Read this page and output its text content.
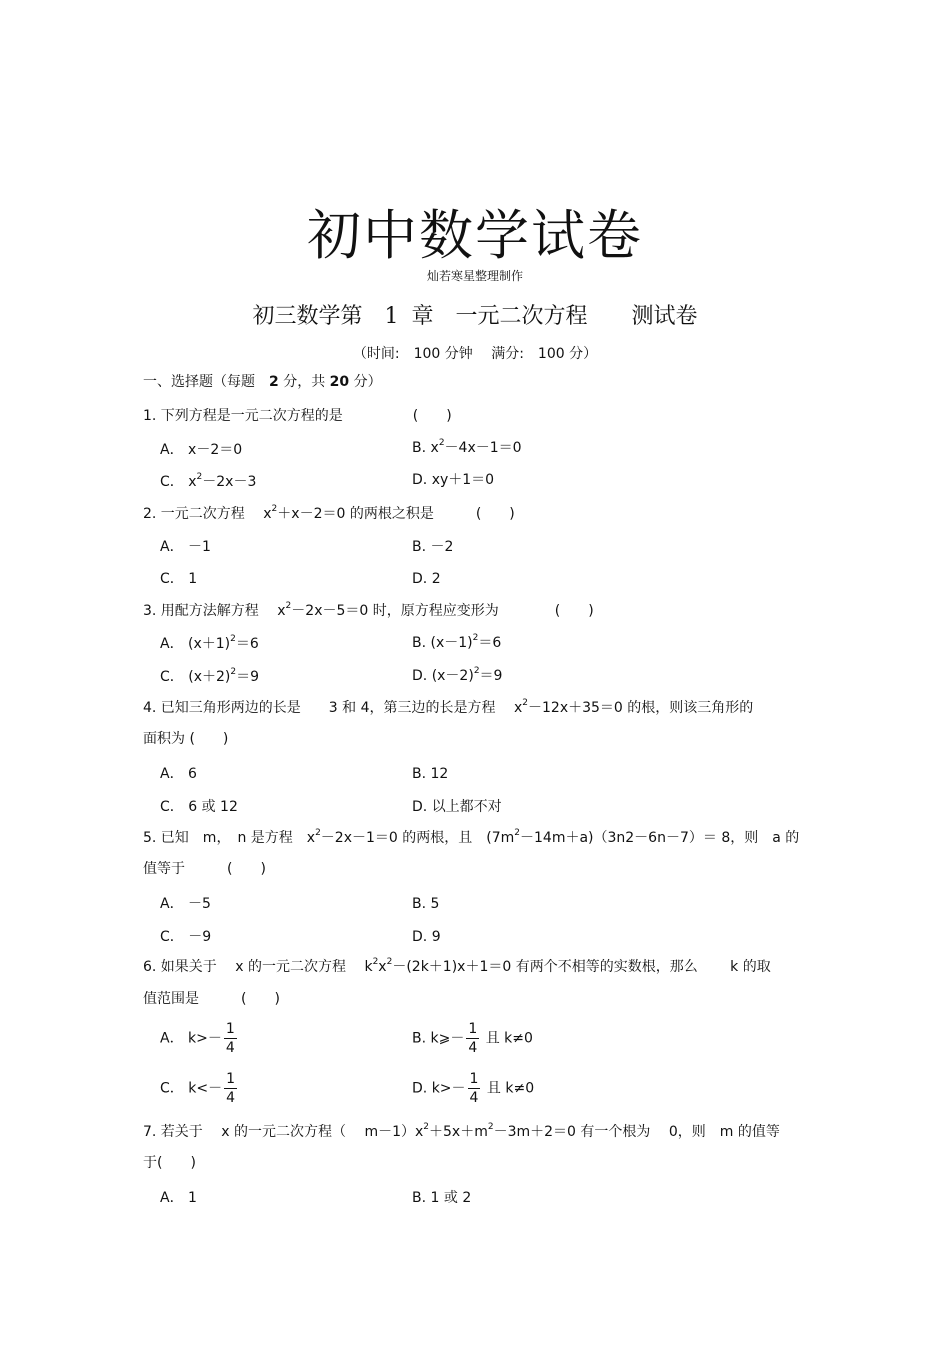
初中数学试卷
灿若寒星整理制作
初三数学第　1 章　一元二次方程　　测试卷
（时间:　100 分钟　 满分:　100 分）
一、选择题（每题　2 分，共 20 分）
1. 下列方程是一元二次方程的是　　　　　(　　)
A． x－2＝0	B. $x^2-4x-1=0$
C． $x^2-2x-3$	D. xy＋1＝0
2. 一元二次方程　 $x^2+x-2=0$ 的两根之积是　　　(　　)
A． －1	B. －2
C． 1	D. 2
3. 用配方法解方程　 $x^2-2x-5=0$ 时，原方程应变形为　　　　(　　)
A． $(x+1)^2=6$	B. $(x-1)^2=6$
C． $(x+2)^2=9$	D. $(x-2)^2=9$
4. 已知三角形两边的长是　　3 和 4，第三边的长是方程　 $x^2-12x+35=0$ 的根，则该三角形的
面积为 (　　)
A． 6	B. 12
C． 6 或 12	D. 以上都不对
5. 已知　m，　n 是方程　$x^2-2x-1=0$ 的两根，且　$(7m^2-14m+a)(3n2-6n-7)= 8$，则　a 的
值等于　　　(　　)
A． －5	B. 5
C． －9	D. 9
6. 如果关于　 x 的一元二次方程　 $k^2x^2-(2k+1)x+1=0$ 有两个不相等的实数根，那么　　 k 的取
值范围是　　　(　　)
A． $k>- \frac{1}{4}$	B. k⩾－ $\frac{1}{4}$ 且 k≠0
C． $k<- \frac{1}{4}$	D. $k>- \frac{1}{4}$ 且 k≠0
7. 若关于　 x 的一元二次方程（　 $m-1)x^2+5x+m^2-3m+2=0$ 有一个根为　 0，则　m 的值等
于(　　)
A． 1	B. 1 或 2
